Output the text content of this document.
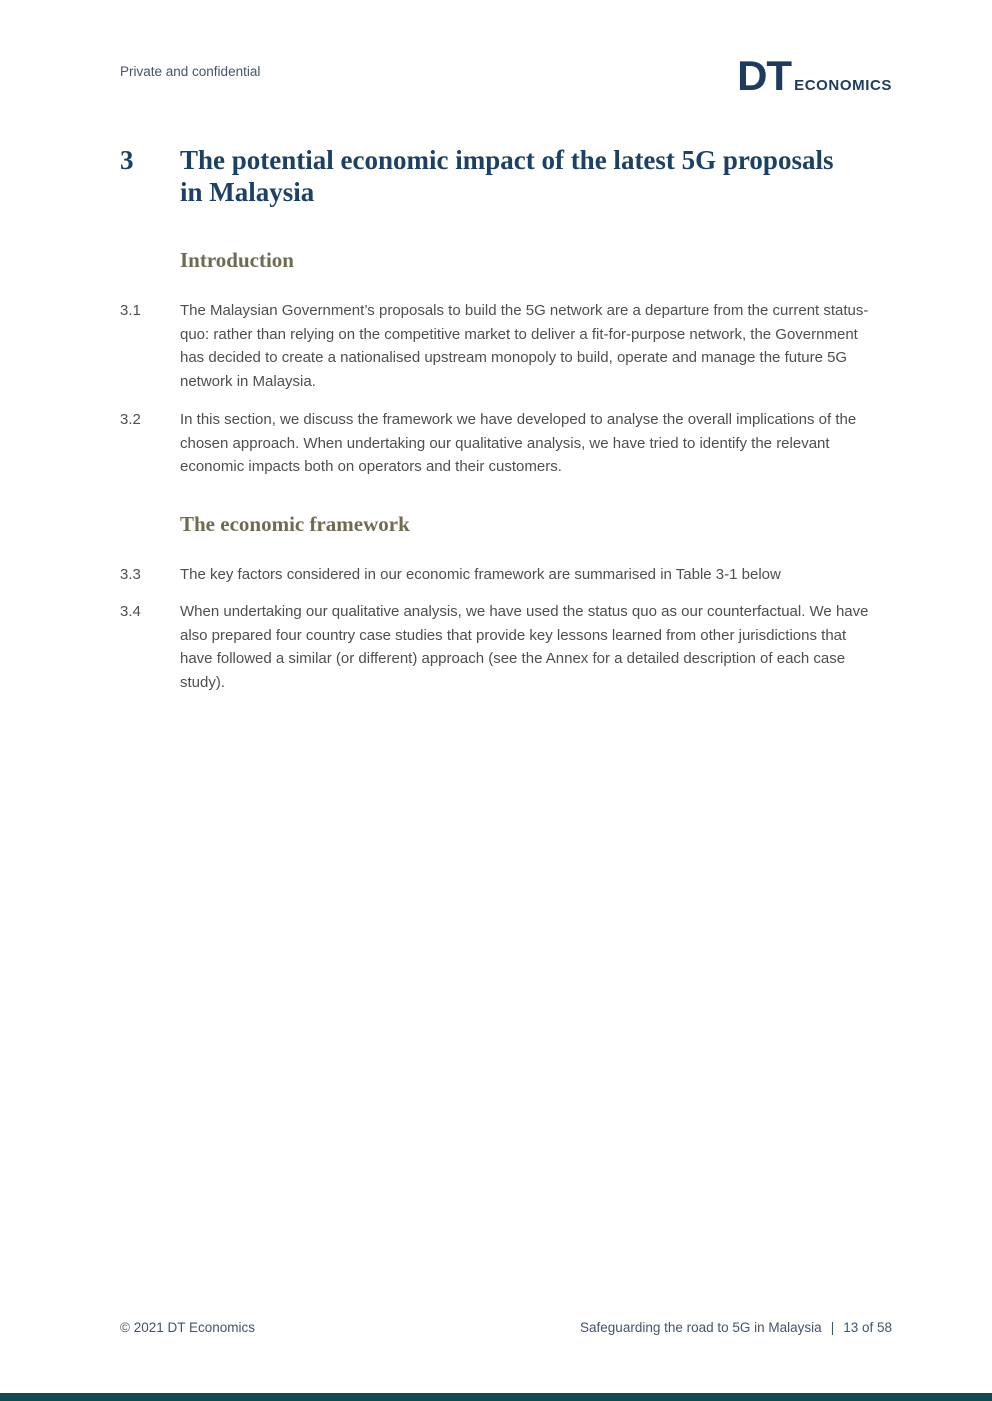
Private and confidential	DT ECONOMICS
3	The potential economic impact of the latest 5G proposals in Malaysia
Introduction
3.1	The Malaysian Government’s proposals to build the 5G network are a departure from the current status-quo: rather than relying on the competitive market to deliver a fit-for-purpose network, the Government has decided to create a nationalised upstream monopoly to build, operate and manage the future 5G network in Malaysia.
3.2	In this section, we discuss the framework we have developed to analyse the overall implications of the chosen approach. When undertaking our qualitative analysis, we have tried to identify the relevant economic impacts both on operators and their customers.
The economic framework
3.3	The key factors considered in our economic framework are summarised in Table 3-1 below
3.4	When undertaking our qualitative analysis, we have used the status quo as our counterfactual. We have also prepared four country case studies that provide key lessons learned from other jurisdictions that have followed a similar (or different) approach (see the Annex for a detailed description of each case study).
© 2021 DT Economics	Safeguarding the road to 5G in Malaysia | 13 of 58
